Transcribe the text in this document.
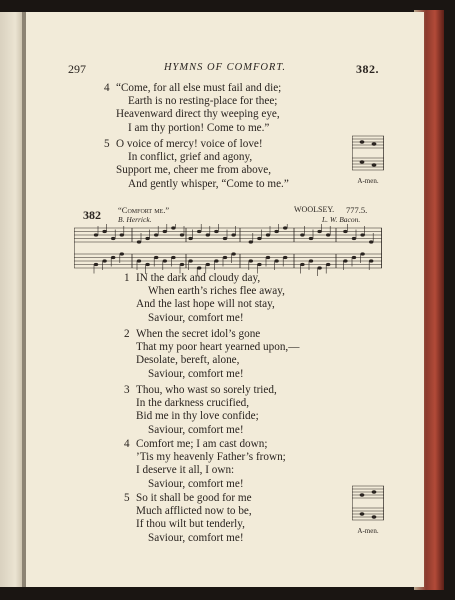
297	HYMNS OF COMFORT.	382.
4 “Come, for all else must fail and die;
Earth is no resting-place for thee;
Heavenward direct thy weeping eye,
I am thy portion! Come to me.”
5 O voice of mercy! voice of love!
In conflict, grief and agony,
Support me, cheer me from above,
And gently whisper, “Come to me.”	A-men.
382 “Comfort me.”	WOOLSEY. 777.5.
B. Herrick.	L. W. Bacon.
1 IN the dark and cloudy day,
When earth’s riches flee away,
And the last hope will not stay,
Saviour, comfort me!
2 When the secret idol’s gone
That my poor heart yearned upon,—
Desolate, bereft, alone,
Saviour, comfort me!
3 Thou, who wast so sorely tried,
In the darkness crucified,
Bid me in thy love confide;
Saviour, comfort me!
4 Comfort me; I am cast down;
’Tis my heavenly Father’s frown;
I deserve it all, I own:
Saviour, comfort me!
5 So it shall be good for me
Much afflicted now to be,
If thou wilt but tenderly,
Saviour, comfort me!
A-men.
